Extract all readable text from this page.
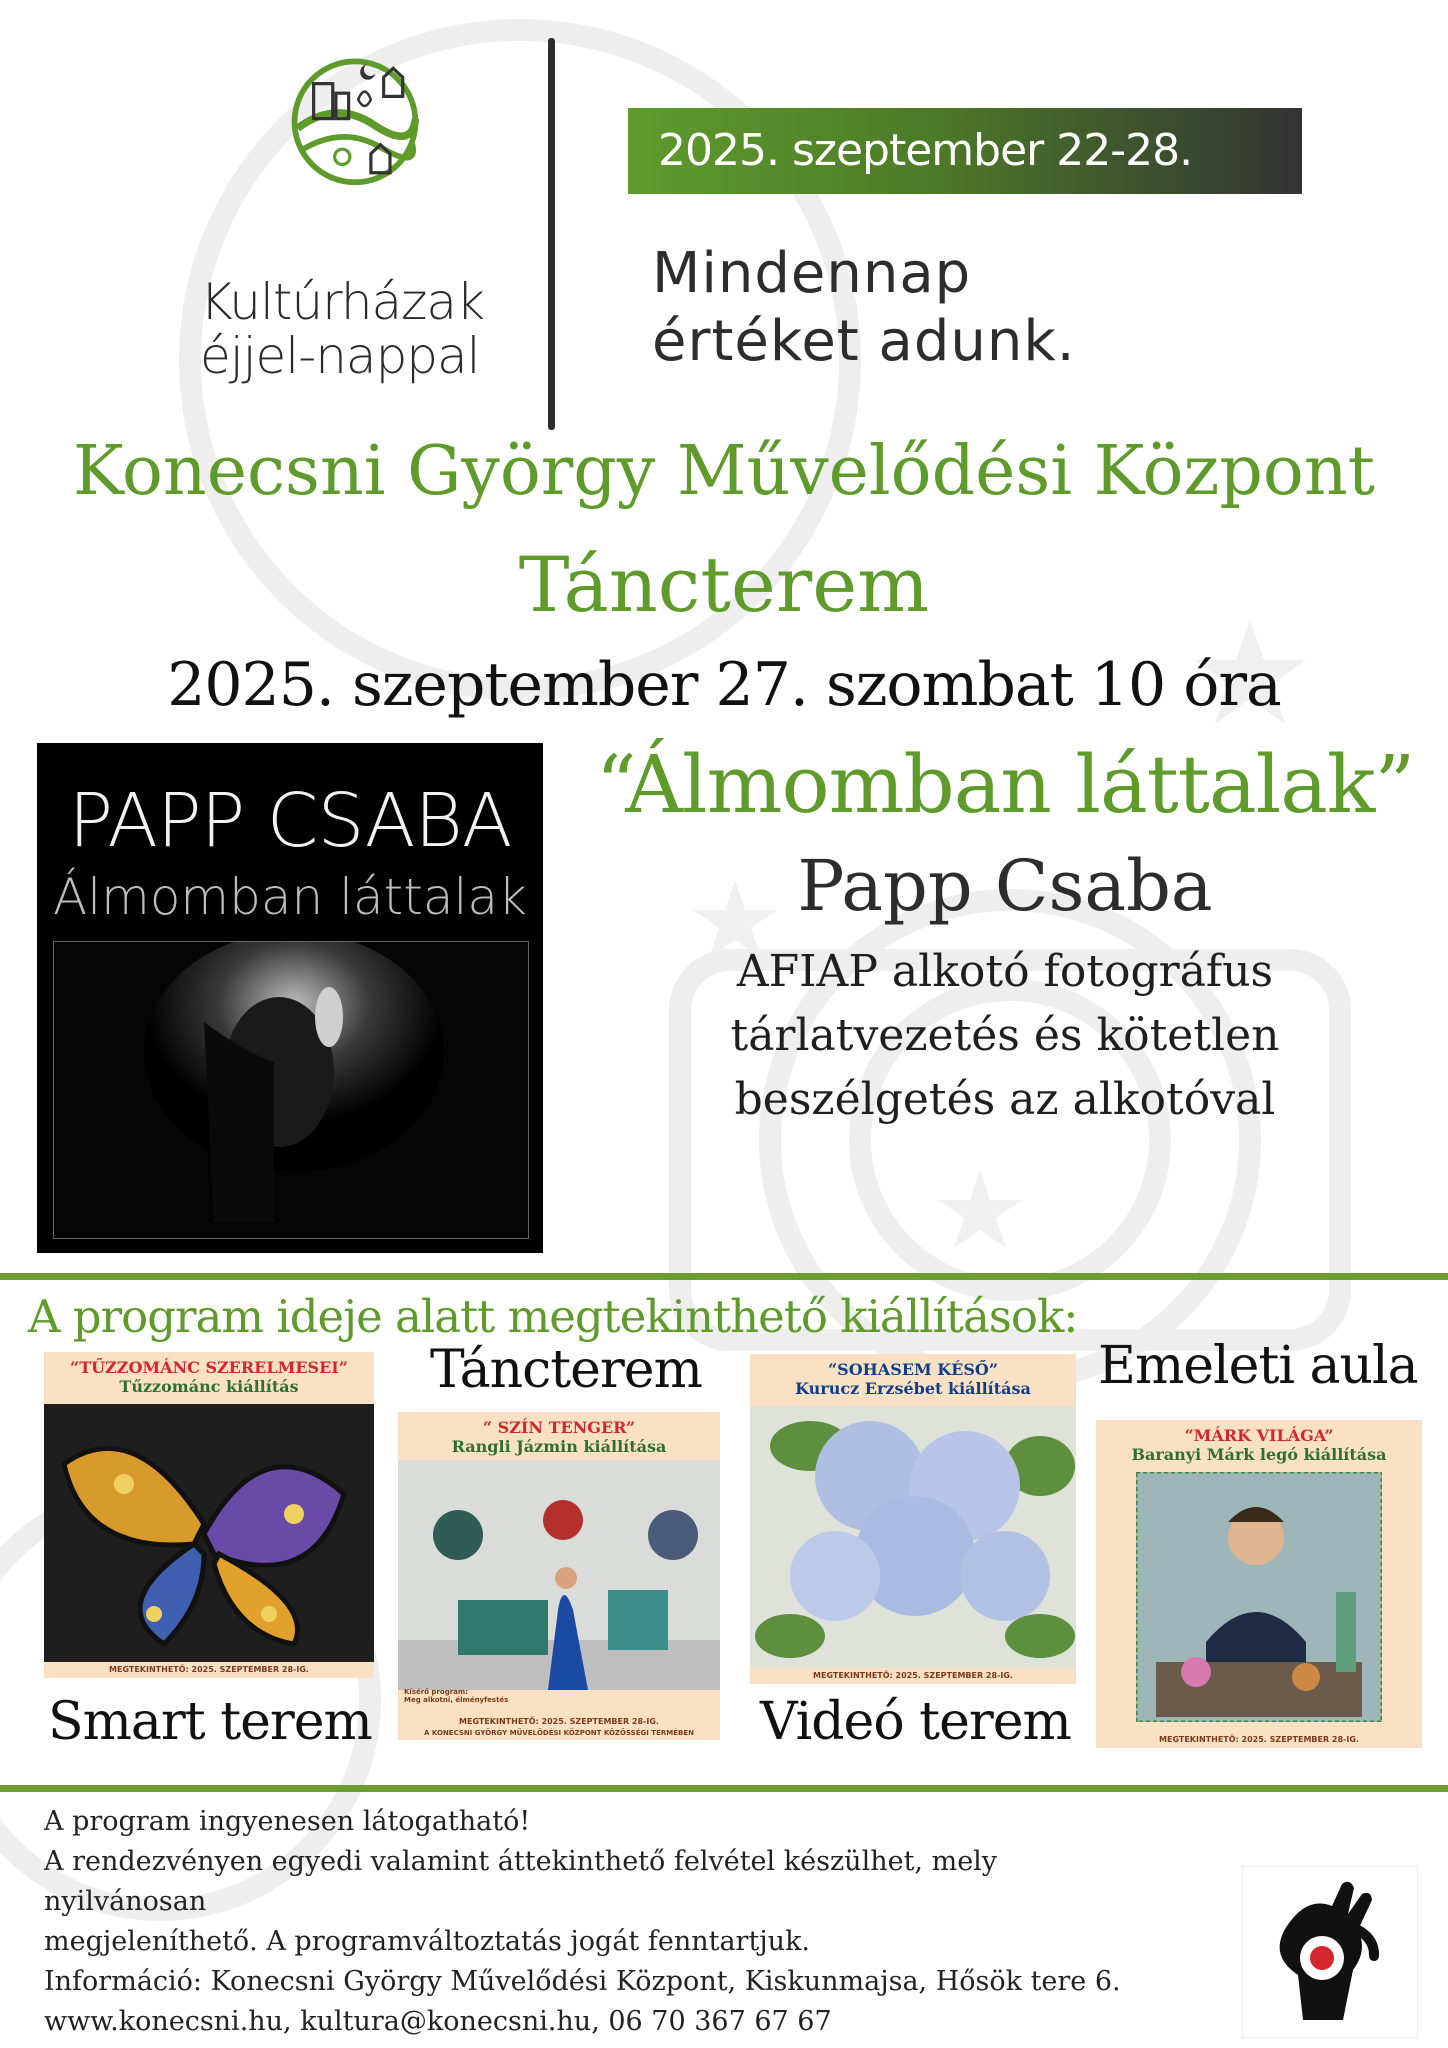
Kultúrházak
éjjel-nappal
2025. szeptember 22-28.
Mindennap
értéket adunk.
Konecsni György Művelődési Központ
Táncterem
2025. szeptember 27. szombat 10 óra
PAPP CSABA
Álmomban láttalak
“Álmomban láttalak”
Papp Csaba
AFIAP alkotó fotográfus
tárlatvezetés és kötetlen
beszélgetés az alkotóval
A program ideje alatt megtekinthető kiállítások:
“TŰZZOMÁNC SZERELMESEI”
Tűzzománc kiállítás
MEGTEKINTHETŐ: 2025. SZEPTEMBER 28-IG.
Smart terem
Táncterem
“ SZÍN TENGER”
Rangli Jázmin kiállítása
Kísérő program:
Meg alkotni, élményfestés
MEGTEKINTHETŐ: 2025. SZEPTEMBER 28-IG.
A KONECSNI GYÖRGY MŰVELŐDÉSI KÖZPONT KÖZÖSSÉGI TERMÉBEN
“SOHASEM KÉSŐ”
Kurucz Erzsébet kiállítása
MEGTEKINTHETŐ: 2025. SZEPTEMBER 28-IG.
Videó terem
Emeleti aula
“MÁRK VILÁGA”
Baranyi Márk legó kiállítása
MEGTEKINTHETŐ: 2025. SZEPTEMBER 28-IG.
A program ingyenesen látogatható!
A rendezvényen egyedi valamint áttekinthető felvétel készülhet, mely nyilvánosan
megjeleníthető. A programváltoztatás jogát fenntartjuk.
Információ: Konecsni György Művelődési Központ, Kiskunmajsa, Hősök tere 6.
www.konecsni.hu, kultura@konecsni.hu, 06 70 367 67 67
